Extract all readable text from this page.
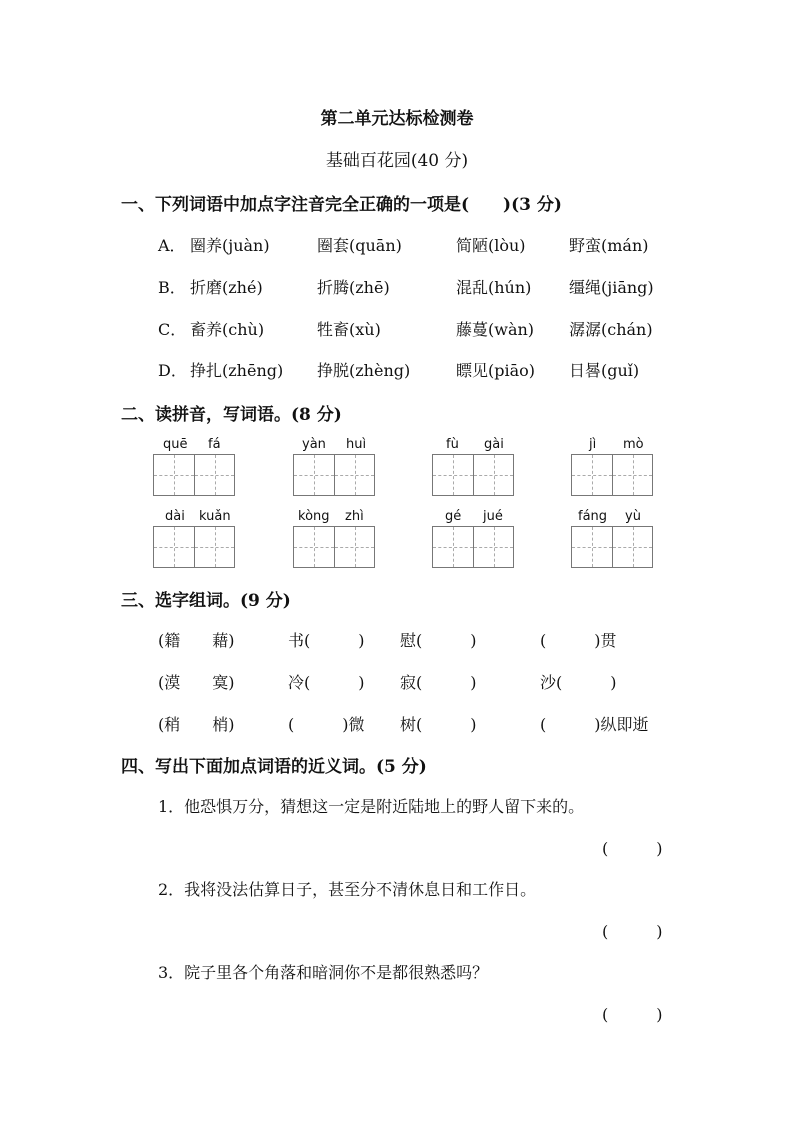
第二单元达标检测卷
基础百花园(40 分)
一、下列词语中加点字注音完全正确的一项是(　　)(3 分)
A． 圈养(juàn)	圈套(quān)	简陋(lòu)	野蛮(mán)
B． 折磨(zhé)	折腾(zhē)	混乱(hún) 缰绳(jiāng)
C． 畜养(chù)	牲畜(xù)	藤蔓(wàn) 潺潺(chán)
D． 挣扎(zhēng) 挣脱(zhèng)	瞟见(piāo) 日晷(guǐ)
二、读拼音，写词语。(8 分)
quē fá	yàn huì	fù gài	jì mò
dài kuǎn	kòng zhì	gé jué	fáng yù
三、选字组词。(9 分)
(籍　　藉)	书(　　　) 慰(　　　)	(　　　)贯
(漠　　寞)	冷(　　　) 寂(　　　)	沙(　　　)
(稍　　梢)	(　　　)微 树(　　　)	(　　　)纵即逝
四、写出下面加点词语的近义词。(5 分)
1．他恐惧万分，猜想这一定是附近陆地上的野人留下来的。
(　　　)
2．我将没法估算日子，甚至分不清休息日和工作日。
(　　　)
3．院子里各个角落和暗洞你不是都很熟悉吗？
(　　　)
